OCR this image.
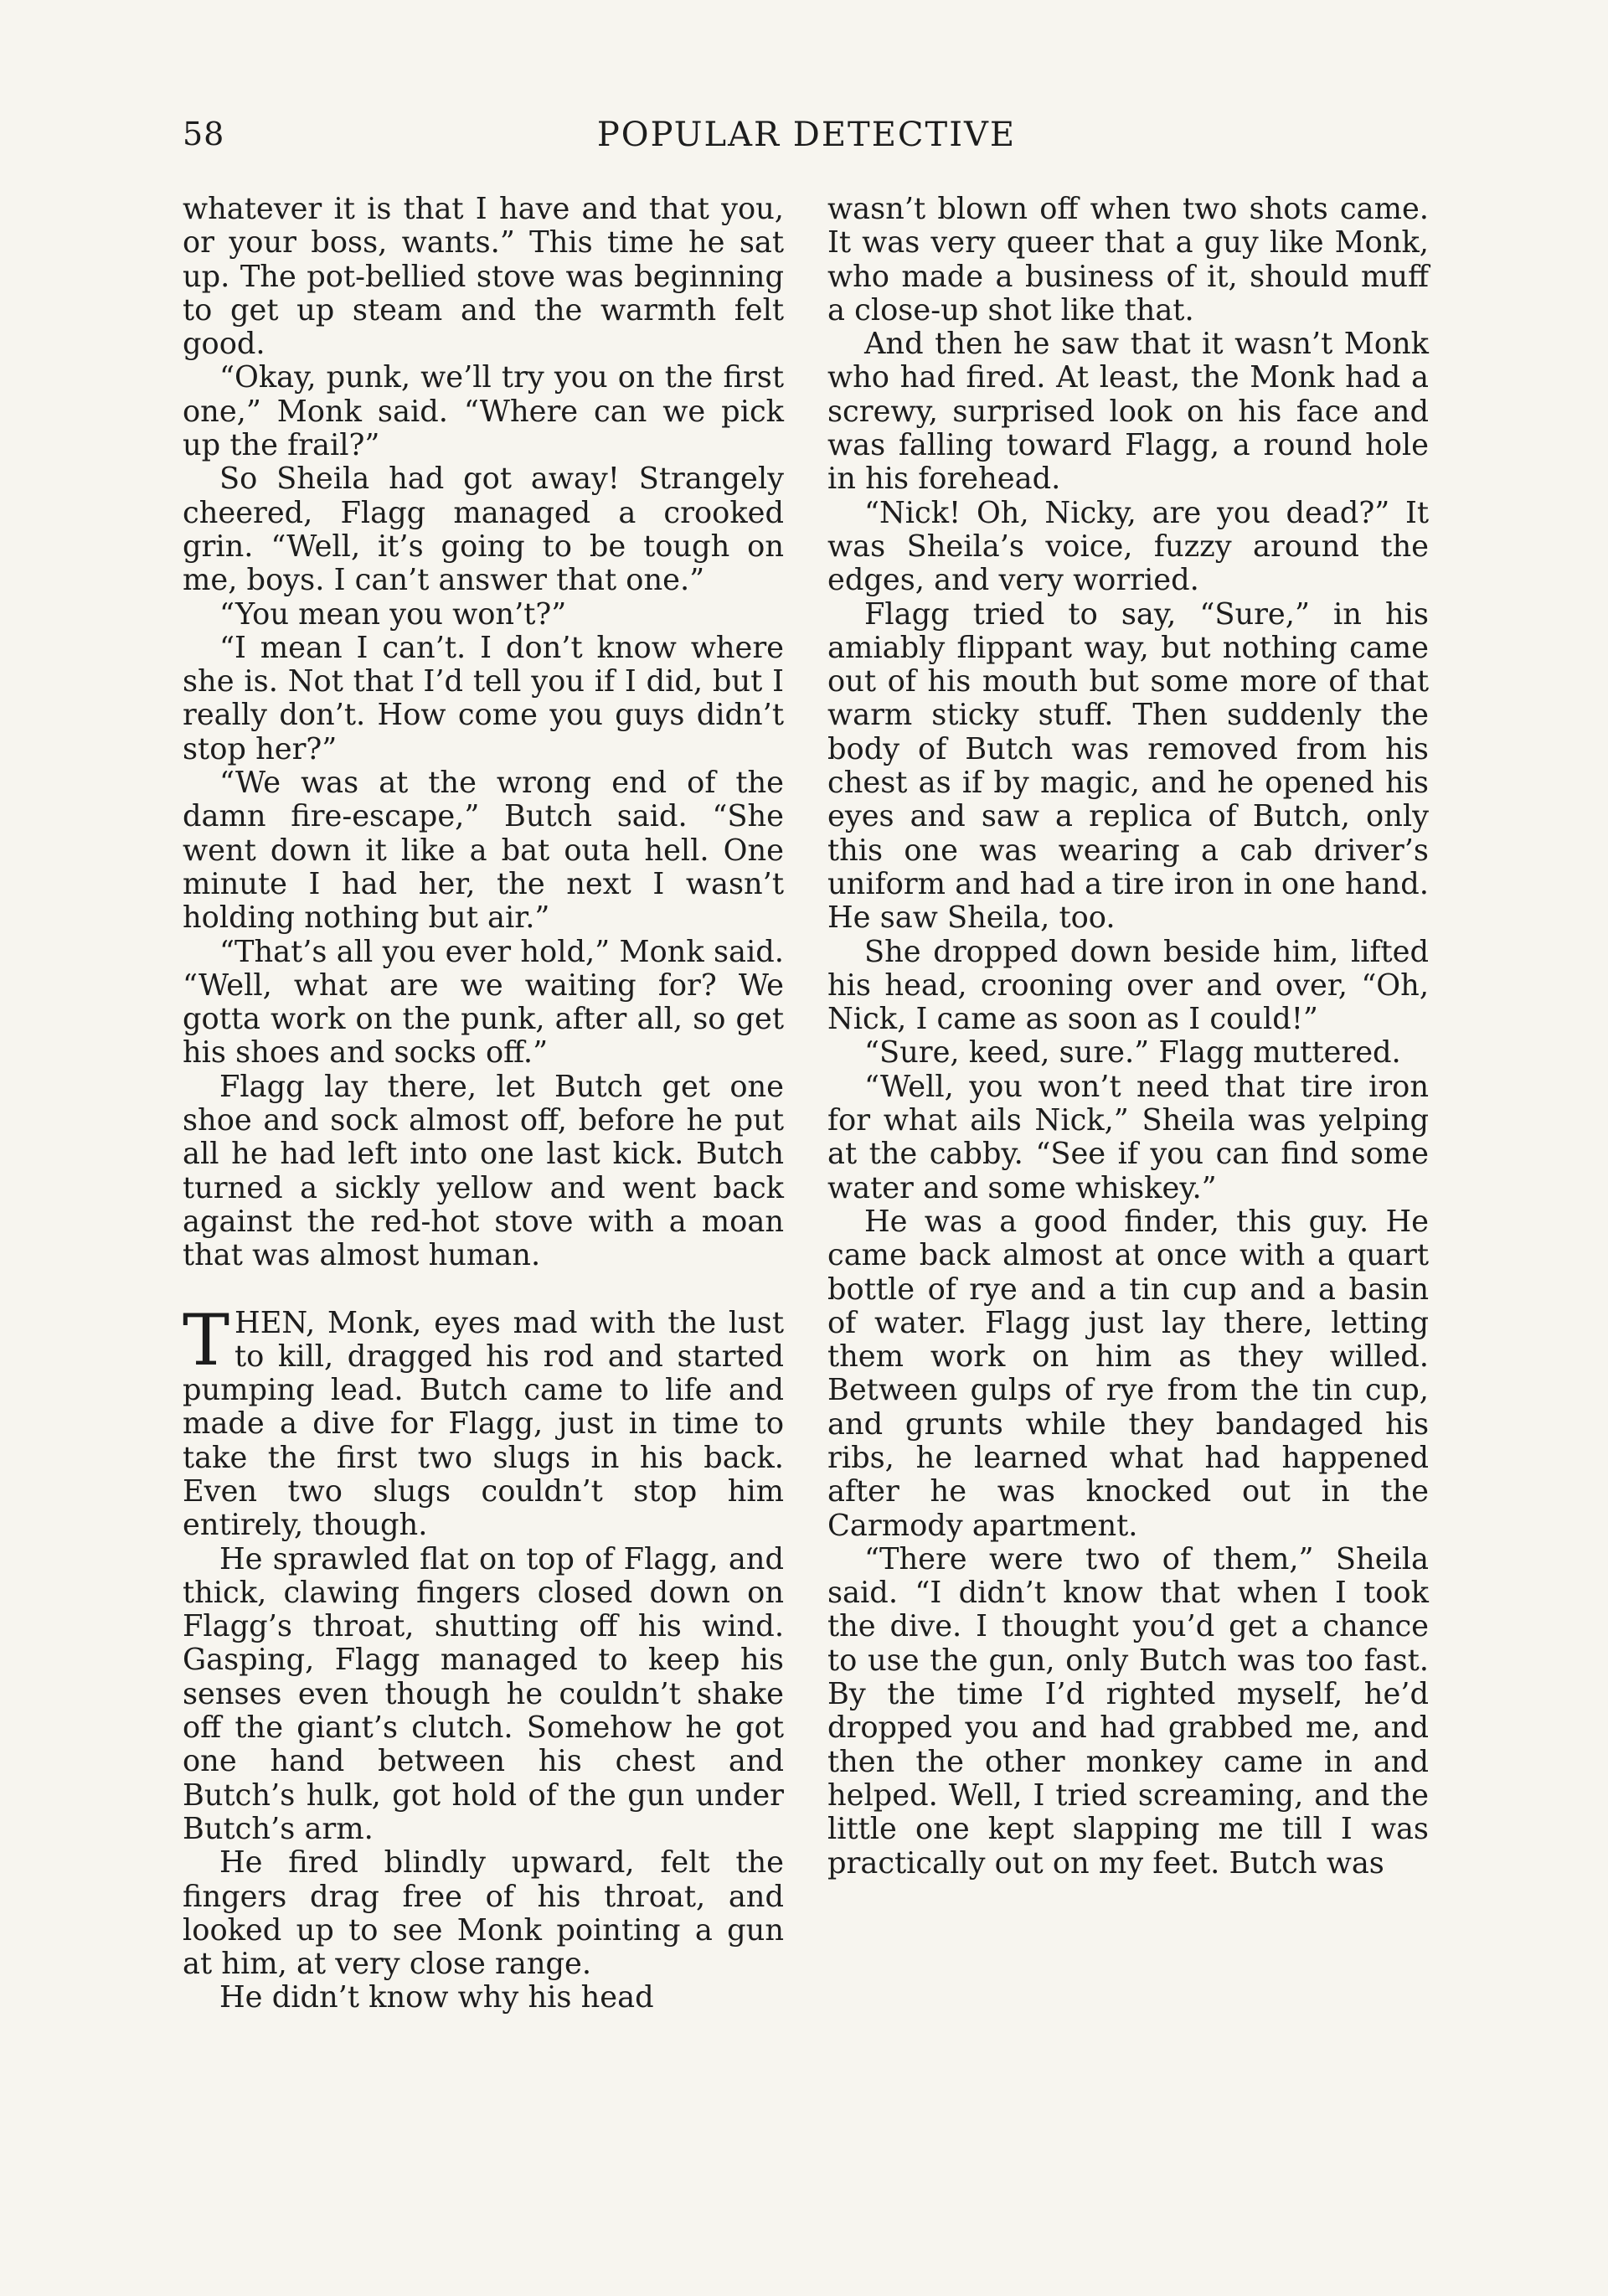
58	POPULAR DETECTIVE

whatever it is that I have and that you, or your boss, wants.” This time he sat up. The pot-bellied stove was beginning to get up steam and the warmth felt good.

“Okay, punk, we’ll try you on the first one,” Monk said. “Where can we pick up the frail?”

So Sheila had got away! Strangely cheered, Flagg managed a crooked grin. “Well, it’s going to be tough on me, boys. I can’t answer that one.”

“You mean you won’t?”

“I mean I can’t. I don’t know where she is. Not that I’d tell you if I did, but I really don’t. How come you guys didn’t stop her?”

“We was at the wrong end of the damn fire-escape,” Butch said. “She went down it like a bat outa hell. One minute I had her, the next I wasn’t holding nothing but air.”

“That’s all you ever hold,” Monk said. “Well, what are we waiting for? We gotta work on the punk, after all, so get his shoes and socks off.”

Flagg lay there, let Butch get one shoe and sock almost off, before he put all he had left into one last kick. Butch turned a sickly yellow and went back against the red-hot stove with a moan that was almost human.

THEN, Monk, eyes mad with the lust to kill, dragged his rod and started pumping lead. Butch came to life and made a dive for Flagg, just in time to take the first two slugs in his back. Even two slugs couldn’t stop him entirely, though.

He sprawled flat on top of Flagg, and thick, clawing fingers closed down on Flagg’s throat, shutting off his wind. Gasping, Flagg managed to keep his senses even though he couldn’t shake off the giant’s clutch. Somehow he got one hand between his chest and Butch’s hulk, got hold of the gun under Butch’s arm.

He fired blindly upward, felt the fingers drag free of his throat, and looked up to see Monk pointing a gun at him, at very close range.

He didn’t know why his head

wasn’t blown off when two shots came. It was very queer that a guy like Monk, who made a business of it, should muff a close-up shot like that.

And then he saw that it wasn’t Monk who had fired. At least, the Monk had a screwy, surprised look on his face and was falling toward Flagg, a round hole in his forehead.

“Nick! Oh, Nicky, are you dead?” It was Sheila’s voice, fuzzy around the edges, and very worried.

Flagg tried to say, “Sure,” in his amiably flippant way, but nothing came out of his mouth but some more of that warm sticky stuff. Then suddenly the body of Butch was removed from his chest as if by magic, and he opened his eyes and saw a replica of Butch, only this one was wearing a cab driver’s uniform and had a tire iron in one hand. He saw Sheila, too.

She dropped down beside him, lifted his head, crooning over and over, “Oh, Nick, I came as soon as I could!”

“Sure, keed, sure.” Flagg muttered.

“Well, you won’t need that tire iron for what ails Nick,” Sheila was yelping at the cabby. “See if you can find some water and some whiskey.”

He was a good finder, this guy. He came back almost at once with a quart bottle of rye and a tin cup and a basin of water. Flagg just lay there, letting them work on him as they willed. Between gulps of rye from the tin cup, and grunts while they bandaged his ribs, he learned what had happened after he was knocked out in the Carmody apartment.

“There were two of them,” Sheila said. “I didn’t know that when I took the dive. I thought you’d get a chance to use the gun, only Butch was too fast. By the time I’d righted myself, he’d dropped you and had grabbed me, and then the other monkey came in and helped. Well, I tried screaming, and the little one kept slapping me till I was practically out on my feet. Butch was
